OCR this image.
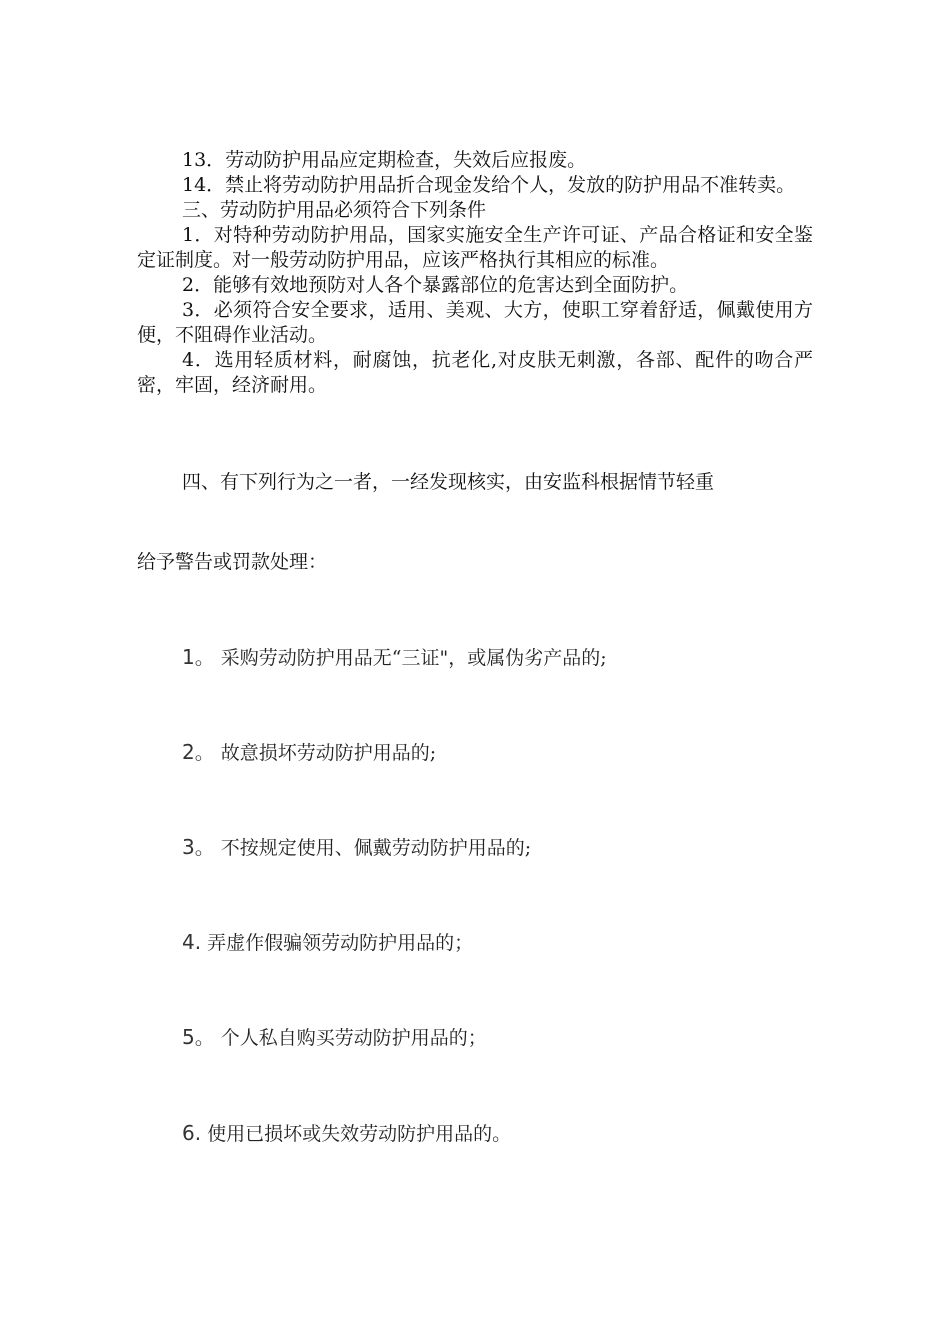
13．劳动防护用品应定期检查，失效后应报废。

14．禁止将劳动防护用品折合现金发给个人，发放的防护用品不准转卖。

三、劳动防护用品必须符合下列条件

1．对特种劳动防护用品，国家实施安全生产许可证、产品合格证和安全鉴定证制度。对一般劳动防护用品，应该严格执行其相应的标准。

2．能够有效地预防对人各个暴露部位的危害达到全面防护。

3．必须符合安全要求，适用、美观、大方，使职工穿着舒适，佩戴使用方便，不阻碍作业活动。

4．选用轻质材料，耐腐蚀，抗老化,对皮肤无刺激，各部、配件的吻合严密，牢固，经济耐用。

四、有下列行为之一者，一经发现核实，由安监科根据情节轻重

给予警告或罚款处理：

1。 采购劳动防护用品无“三证"，或属伪劣产品的;

2。 故意损坏劳动防护用品的;

3。 不按规定使用、佩戴劳动防护用品的;

4. 弄虚作假骗领劳动防护用品的；

5。 个人私自购买劳动防护用品的；

6. 使用已损坏或失效劳动防护用品的。
